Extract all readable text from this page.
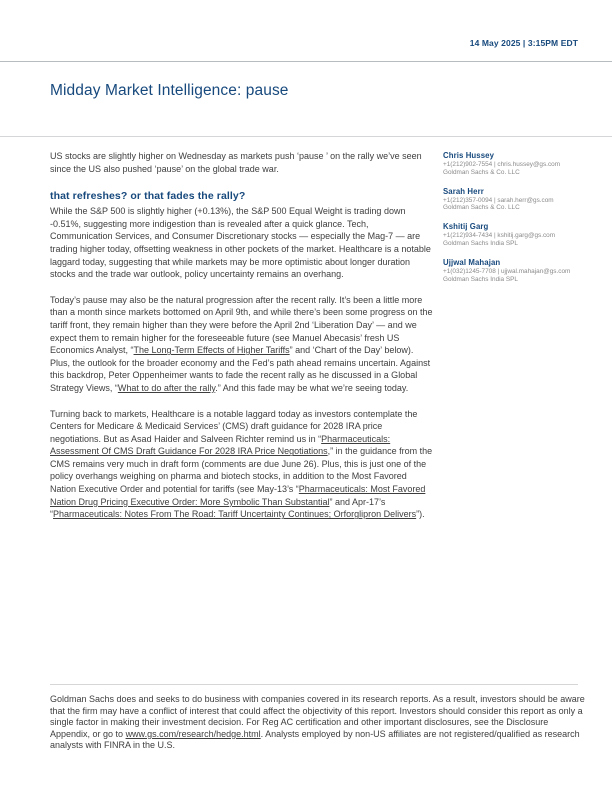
14 May 2025 | 3:15PM EDT
Midday Market Intelligence: pause

US stocks are slightly higher on Wednesday as markets push ‘pause ’ on the rally we’ve seen since the US also pushed ‘pause’ on the global trade war.

that refreshes? or that fades the rally?

While the S&P 500 is slightly higher (+0.13%), the S&P 500 Equal Weight is trading down -0.51%, suggesting more indigestion than is revealed after a quick glance. Tech, Communication Services, and Consumer Discretionary stocks — especially the Mag-7 — are trading higher today, offsetting weakness in other pockets of the market. Healthcare is a notable laggard today, suggesting that while markets may be more optimistic about longer duration stocks and the trade war outlook, policy uncertainty remains an overhang.

Today’s pause may also be the natural progression after the recent rally. It’s been a little more than a month since markets bottomed on April 9th, and while there’s been some progress on the tariff front, they remain higher than they were before the April 2nd ‘Liberation Day’ — and we expect them to remain higher for the foreseeable future (see Manuel Abecasis’ fresh US Economics Analyst, “The Long-Term Effects of Higher Tariffs” and ‘Chart of the Day’ below). Plus, the outlook for the broader economy and the Fed’s path ahead remains uncertain. Against this backdrop, Peter Oppenheimer wants to fade the recent rally as he discussed in a Global Strategy Views, “What to do after the rally.” And this fade may be what we’re seeing today.

Turning back to markets, Healthcare is a notable laggard today as investors contemplate the Centers for Medicare & Medicaid Services’ (CMS) draft guidance for 2028 IRA price negotiations. But as Asad Haider and Salveen Richter remind us in “Pharmaceuticals: Assessment Of CMS Draft Guidance For 2028 IRA Price Negotiations,” in the guidance from the CMS remains very much in draft form (comments are due June 26). Plus, this is just one of the policy overhangs weighing on pharma and biotech stocks, in addition to the Most Favored Nation Executive Order and potential for tariffs (see May-13’s “Pharmaceuticals: Most Favored Nation Drug Pricing Executive Order: More Symbolic Than Substantial” and Apr-17’s “Pharmaceuticals: Notes From The Road: Tariff Uncertainty Continues; Orforglipron Delivers”).

Chris Hussey
+1(212)902-7554 | chris.hussey@gs.com
Goldman Sachs & Co. LLC
Sarah Herr
+1(212)357-0094 | sarah.herr@gs.com
Goldman Sachs & Co. LLC
Kshitij Garg
+1(212)934-7434 | kshitij.garg@gs.com
Goldman Sachs India SPL
Ujjwal Mahajan
+1(032)1245-7708 | ujjwal.mahajan@gs.com
Goldman Sachs India SPL

Goldman Sachs does and seeks to do business with companies covered in its research reports. As a result, investors should be aware that the firm may have a conflict of interest that could affect the objectivity of this report. Investors should consider this report as only a single factor in making their investment decision. For Reg AC certification and other important disclosures, see the Disclosure Appendix, or go to www.gs.com/research/hedge.html. Analysts employed by non-US affiliates are not registered/qualified as research analysts with FINRA in the U.S.
